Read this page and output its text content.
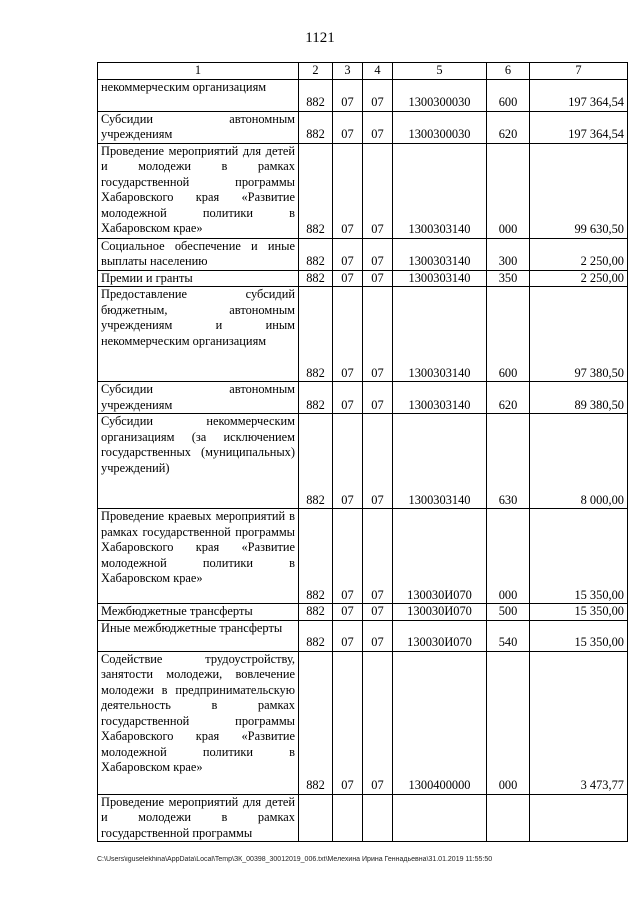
1121
1	2	3	4	5	6	7
некоммерческим организациям	882	07	07	1300300030	600	197 364,54
Субсидии автономным учреждениям	882	07	07	1300300030	620	197 364,54
Проведение мероприятий для детей и молодежи в рамках государственной программы Хабаровского края «Развитие молодежной политики в Хабаровском крае»	882	07	07	1300303140	000	99 630,50
Социальное обеспечение и иные выплаты населению	882	07	07	1300303140	300	2 250,00
Премии и гранты	882	07	07	1300303140	350	2 250,00
Предоставление субсидий бюджетным, автономным учреждениям и иным некоммерческим организациям	882	07	07	1300303140	600	97 380,50
Субсидии автономным учреждениям	882	07	07	1300303140	620	89 380,50
Субсидии некоммерческим организациям (за исключением государственных (муниципальных) учреждений)	882	07	07	1300303140	630	8 000,00
Проведение краевых мероприятий в рамках государственной программы Хабаровского края «Развитие молодежной политики в Хабаровском крае»	882	07	07	130030И070	000	15 350,00
Межбюджетные трансферты	882	07	07	130030И070	500	15 350,00
Иные межбюджетные трансферты	882	07	07	130030И070	540	15 350,00
Содействие трудоустройству, занятости молодежи, вовлечение молодежи в предпринимательскую деятельность в рамках государственной программы Хабаровского края «Развитие молодежной политики в Хабаровском крае»	882	07	07	1300400000	000	3 473,77
Проведение мероприятий для детей и молодежи в рамках государственной программы						
C:\Users\iguselekhina\AppData\Local\Temp\ЗК_00398_30012019_006.txt\Мелехина Ирина Геннадьевна\31.01.2019 11:55:50
